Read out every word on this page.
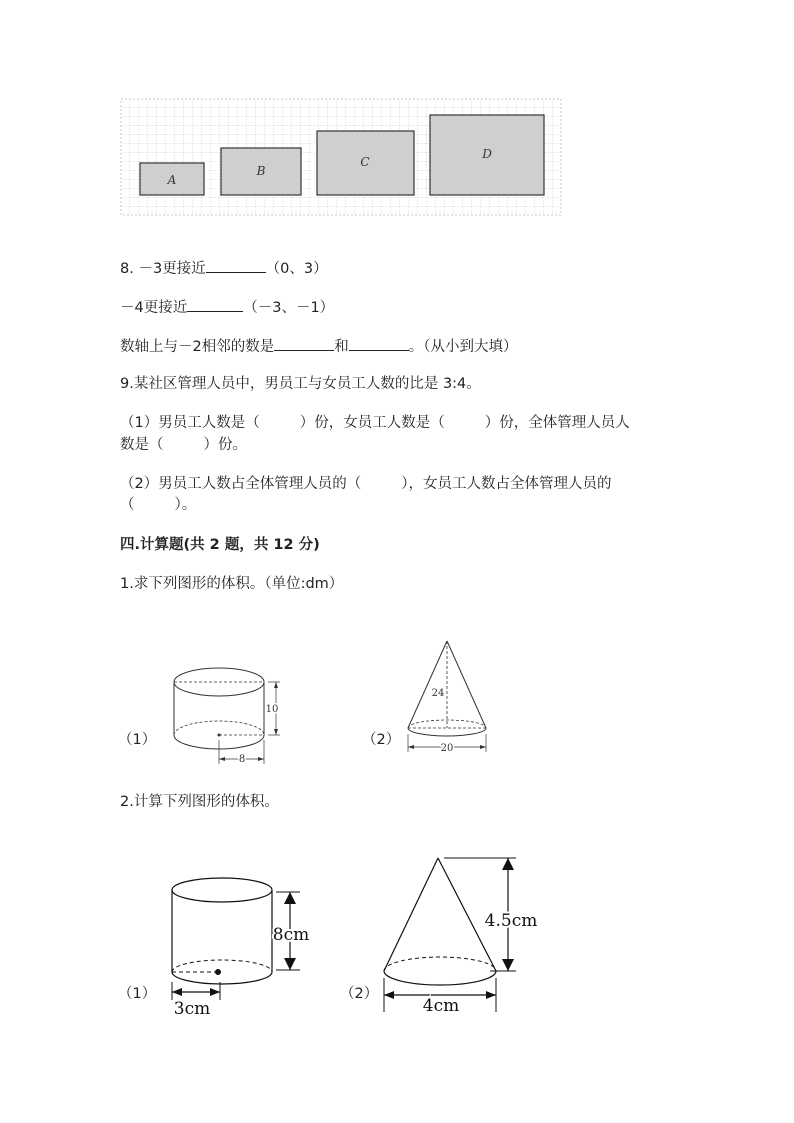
A
B
C
D
8. －3更接近	（0、3）
－4更接近	（－3、－1）
数轴上与－2相邻的数是	和	。（从小到大填）
9.某社区管理人员中，男员工与女员工人数的比是 3:4。
（1）男员工人数是（	）份，女员工人数是（	）份，全体管理人员人
数是（	）份。
（2）男员工人数占全体管理人员的（	），女员工人数占全体管理人员的
（	）。
四.计算题(共 2 题，共 12 分)
1.求下列图形的体积。（单位:dm）
（1）
10
8
（2）
24
20
2.计算下列图形的体积。
（1）
8cm
3cm
（2）
4.5cm
4cm
